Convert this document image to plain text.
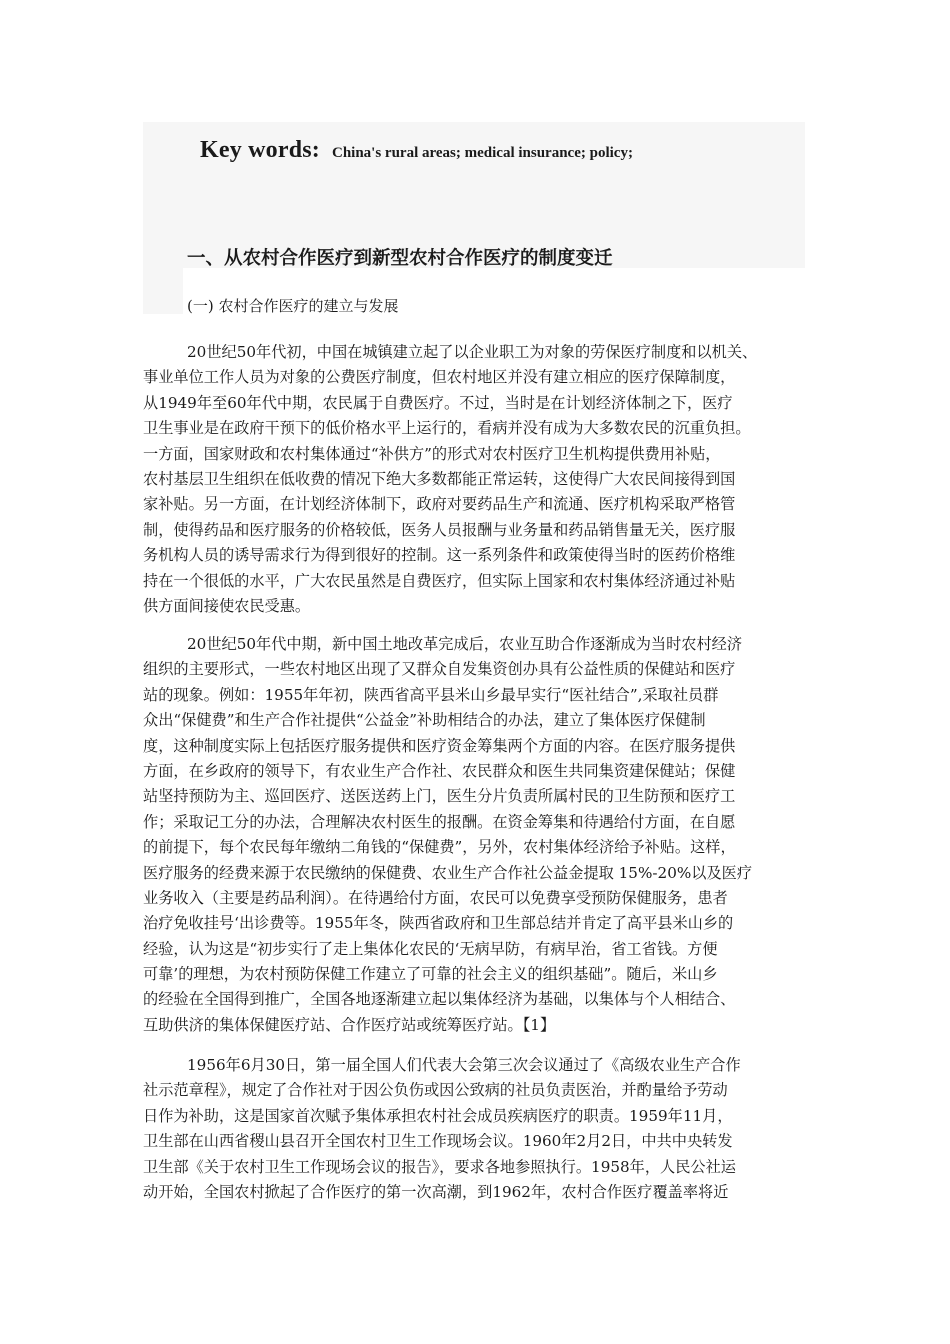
Key words: China's rural areas; medical insurance; policy;
一、从农村合作医疗到新型农村合作医疗的制度变迁

(一) 农村合作医疗的建立与发展

20世纪50年代初，中国在城镇建立起了以企业职工为对象的劳保医疗制度和以机关、
事业单位工作人员为对象的公费医疗制度，但农村地区并没有建立相应的医疗保障制度，
从1949年至60年代中期，农民属于自费医疗。不过，当时是在计划经济体制之下，医疗
卫生事业是在政府干预下的低价格水平上运行的，看病并没有成为大多数农民的沉重负担。
一方面，国家财政和农村集体通过“补供方”的形式对农村医疗卫生机构提供费用补贴，
农村基层卫生组织在低收费的情况下绝大多数都能正常运转，这使得广大农民间接得到国
家补贴。另一方面，在计划经济体制下，政府对要药品生产和流通、医疗机构采取严格管
制，使得药品和医疗服务的价格较低，医务人员报酬与业务量和药品销售量无关，医疗服
务机构人员的诱导需求行为得到很好的控制。这一系列条件和政策使得当时的医药价格维
持在一个很低的水平，广大农民虽然是自费医疗，但实际上国家和农村集体经济通过补贴
供方面间接使农民受惠。
20世纪50年代中期，新中国土地改革完成后，农业互助合作逐渐成为当时农村经济
组织的主要形式，一些农村地区出现了又群众自发集资创办具有公益性质的保健站和医疗
站的现象。例如：1955年年初，陕西省高平县米山乡最早实行“医社结合”,采取社员群
众出“保健费”和生产合作社提供“公益金”补助相结合的办法，建立了集体医疗保健制
度，这种制度实际上包括医疗服务提供和医疗资金筹集两个方面的内容。在医疗服务提供
方面，在乡政府的领导下，有农业生产合作社、农民群众和医生共同集资建保健站；保健
站坚持预防为主、巡回医疗、送医送药上门，医生分片负责所属村民的卫生防预和医疗工
作；采取记工分的办法，合理解决农村医生的报酬。在资金筹集和待遇给付方面，在自愿
的前提下，每个农民每年缴纳二角钱的“保健费”，另外，农村集体经济给予补贴。这样，
医疗服务的经费来源于农民缴纳的保健费、农业生产合作社公益金提取 15%-20%以及医疗
业务收入（主要是药品利润）。在待遇给付方面，农民可以免费享受预防保健服务，患者
治疗免收挂号‘出诊费等。1955年冬，陕西省政府和卫生部总结并肯定了高平县米山乡的
经验，认为这是“初步实行了走上集体化农民的‘无病早防，有病早治，省工省钱。方便
可靠’的理想，为农村预防保健工作建立了可靠的社会主义的组织基础”。随后，米山乡
的经验在全国得到推广，全国各地逐渐建立起以集体经济为基础，以集体与个人相结合、
互助供济的集体保健医疗站、合作医疗站或统筹医疗站。【1】
1956年6月30日，第一届全国人们代表大会第三次会议通过了《高级农业生产合作
社示范章程》，规定了合作社对于因公负伤或因公致病的社员负责医治，并酌量给予劳动
日作为补助，这是国家首次赋予集体承担农村社会成员疾病医疗的职责。1959年11月，
卫生部在山西省稷山县召开全国农村卫生工作现场会议。1960年2月2日，中共中央转发
卫生部《关于农村卫生工作现场会议的报告》，要求各地参照执行。1958年，人民公社运
动开始，全国农村掀起了合作医疗的第一次高潮，到1962年，农村合作医疗覆盖率将近
